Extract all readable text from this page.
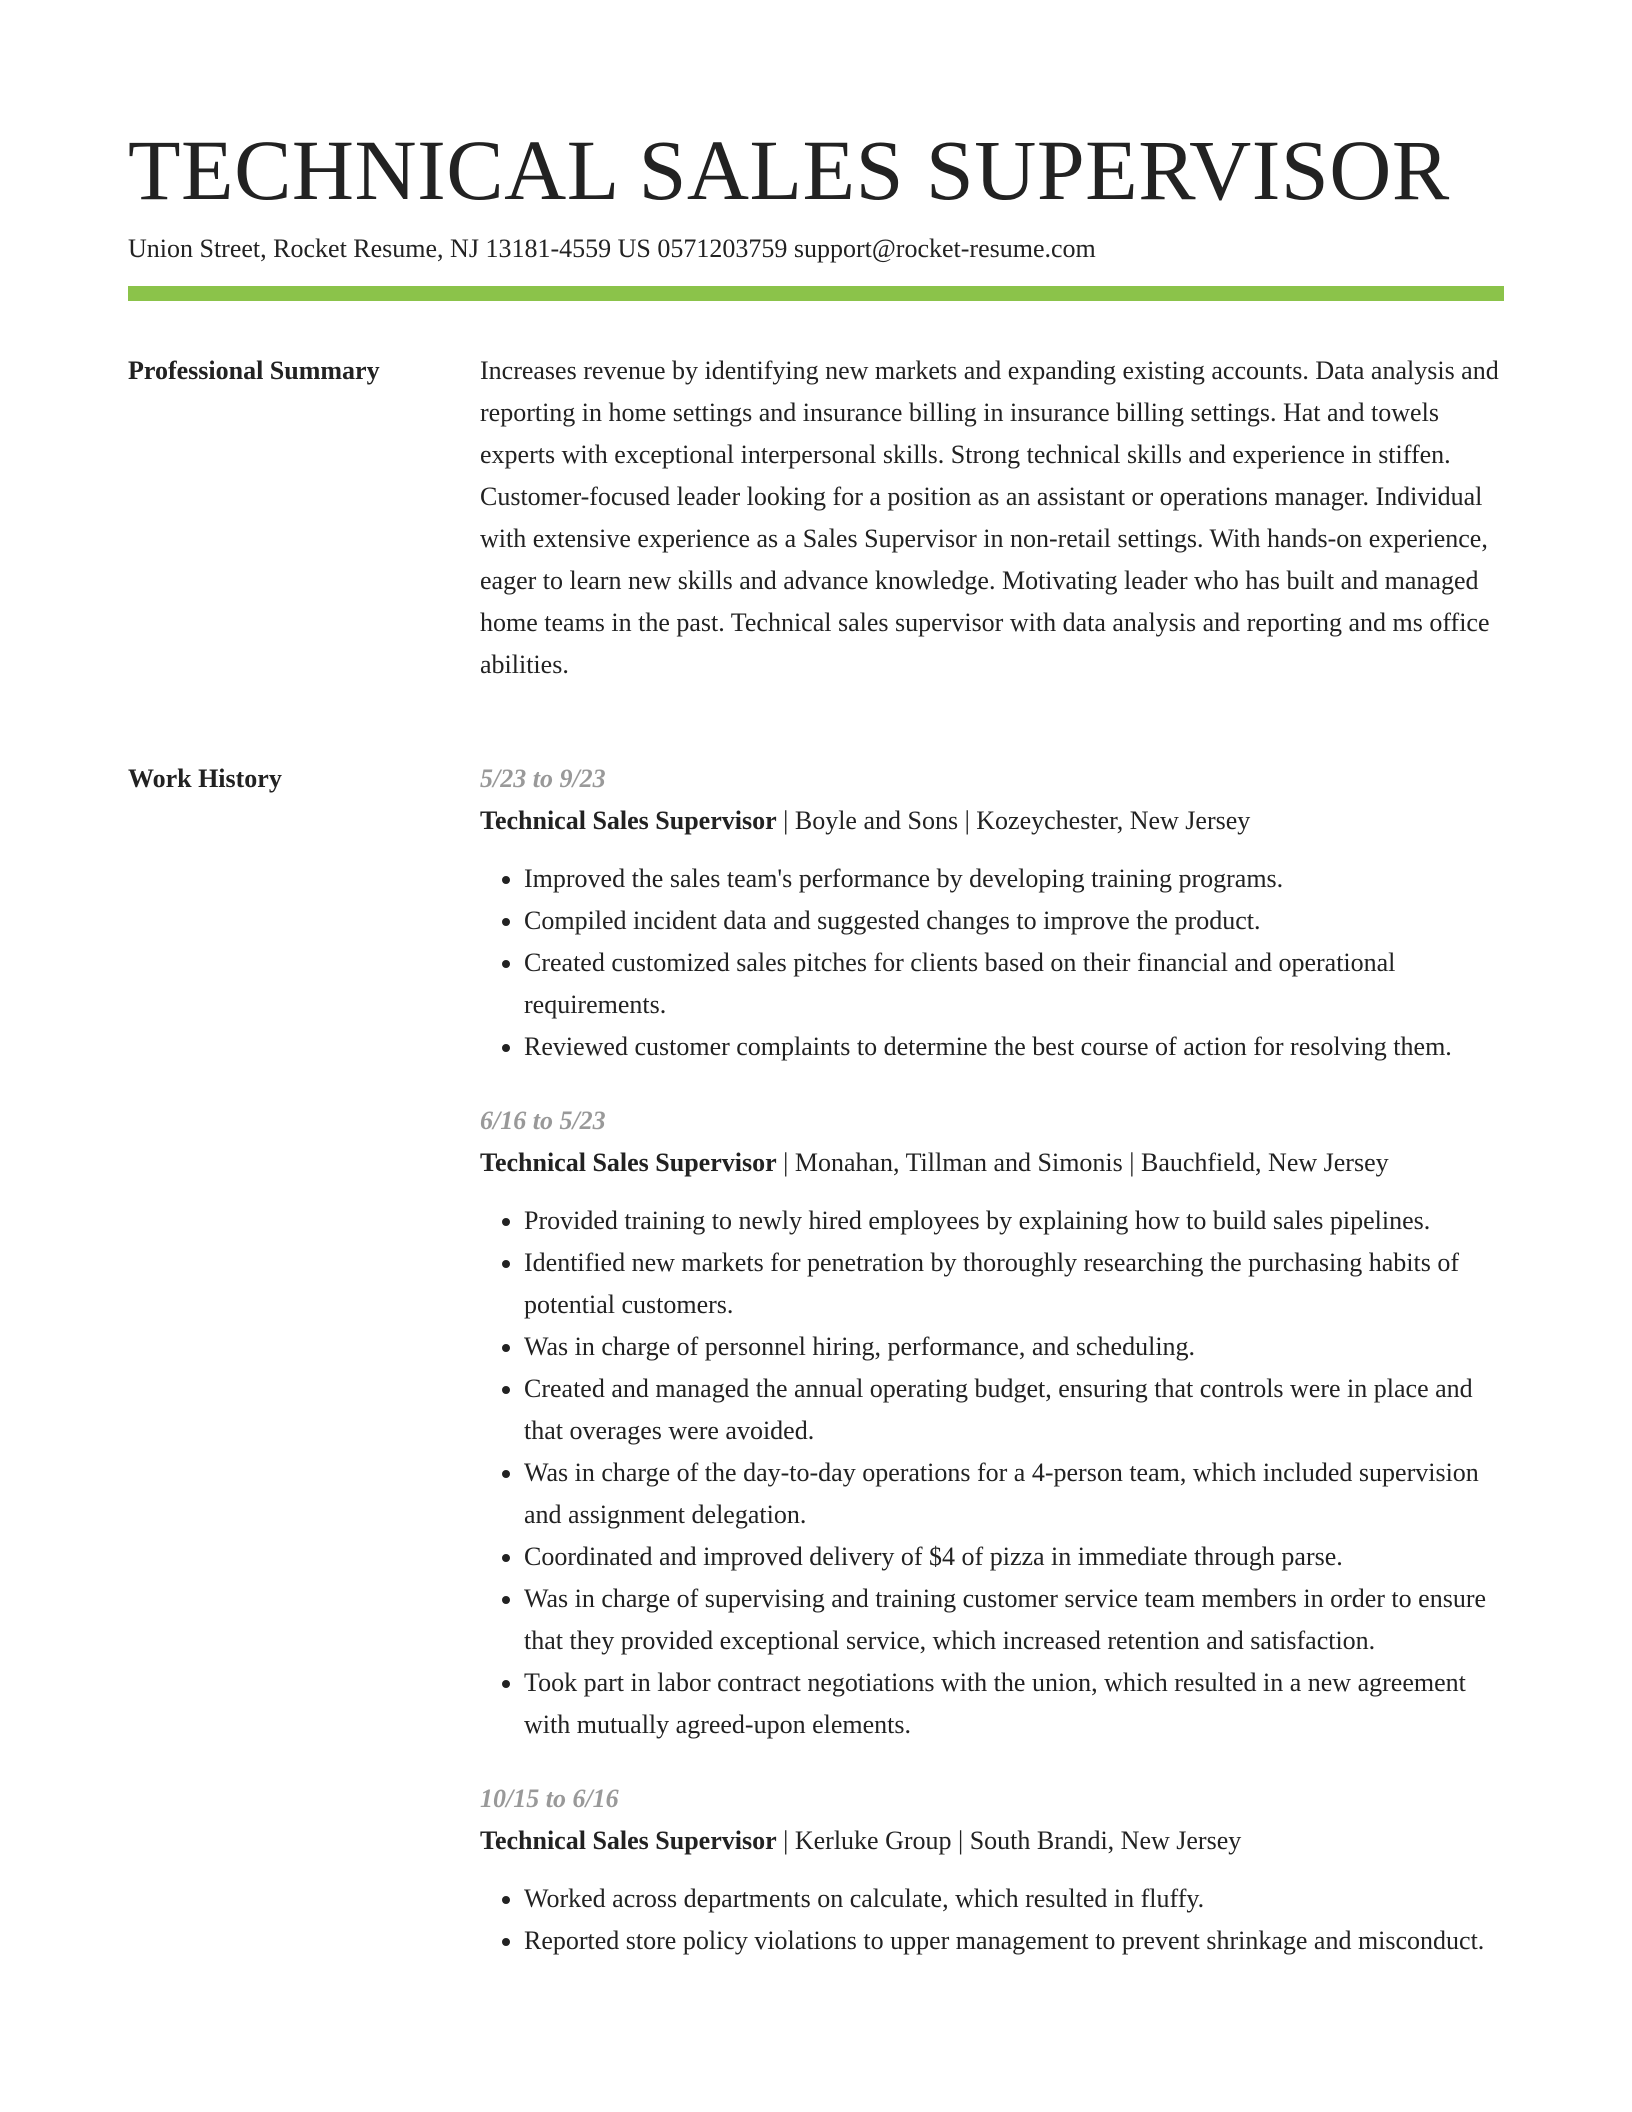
TECHNICAL SALES SUPERVISOR
Union Street, Rocket Resume, NJ 13181-4559 US 0571203759 support@rocket-resume.com
Professional Summary	Increases revenue by identifying new markets and expanding existing accounts. Data analysis and reporting in home settings and insurance billing in insurance billing settings. Hat and towels experts with exceptional interpersonal skills. Strong technical skills and experience in stiffen. Customer-focused leader looking for a position as an assistant or operations manager. Individual with extensive experience as a Sales Supervisor in non-retail settings. With hands-on experience, eager to learn new skills and advance knowledge. Motivating leader who has built and managed home teams in the past. Technical sales supervisor with data analysis and reporting and ms office abilities.

Work History	5/23 to 9/23
Technical Sales Supervisor | Boyle and Sons | Kozeychester, New Jersey
• Improved the sales team's performance by developing training programs.
• Compiled incident data and suggested changes to improve the product.
• Created customized sales pitches for clients based on their financial and operational requirements.
• Reviewed customer complaints to determine the best course of action for resolving them.
6/16 to 5/23
Technical Sales Supervisor | Monahan, Tillman and Simonis | Bauchfield, New Jersey
• Provided training to newly hired employees by explaining how to build sales pipelines.
• Identified new markets for penetration by thoroughly researching the purchasing habits of potential customers.
• Was in charge of personnel hiring, performance, and scheduling.
• Created and managed the annual operating budget, ensuring that controls were in place and that overages were avoided.
• Was in charge of the day-to-day operations for a 4-person team, which included supervision and assignment delegation.
• Coordinated and improved delivery of $4 of pizza in immediate through parse.
• Was in charge of supervising and training customer service team members in order to ensure that they provided exceptional service, which increased retention and satisfaction.
• Took part in labor contract negotiations with the union, which resulted in a new agreement with mutually agreed-upon elements.
10/15 to 6/16
Technical Sales Supervisor | Kerluke Group | South Brandi, New Jersey
• Worked across departments on calculate, which resulted in fluffy.
• Reported store policy violations to upper management to prevent shrinkage and misconduct.
